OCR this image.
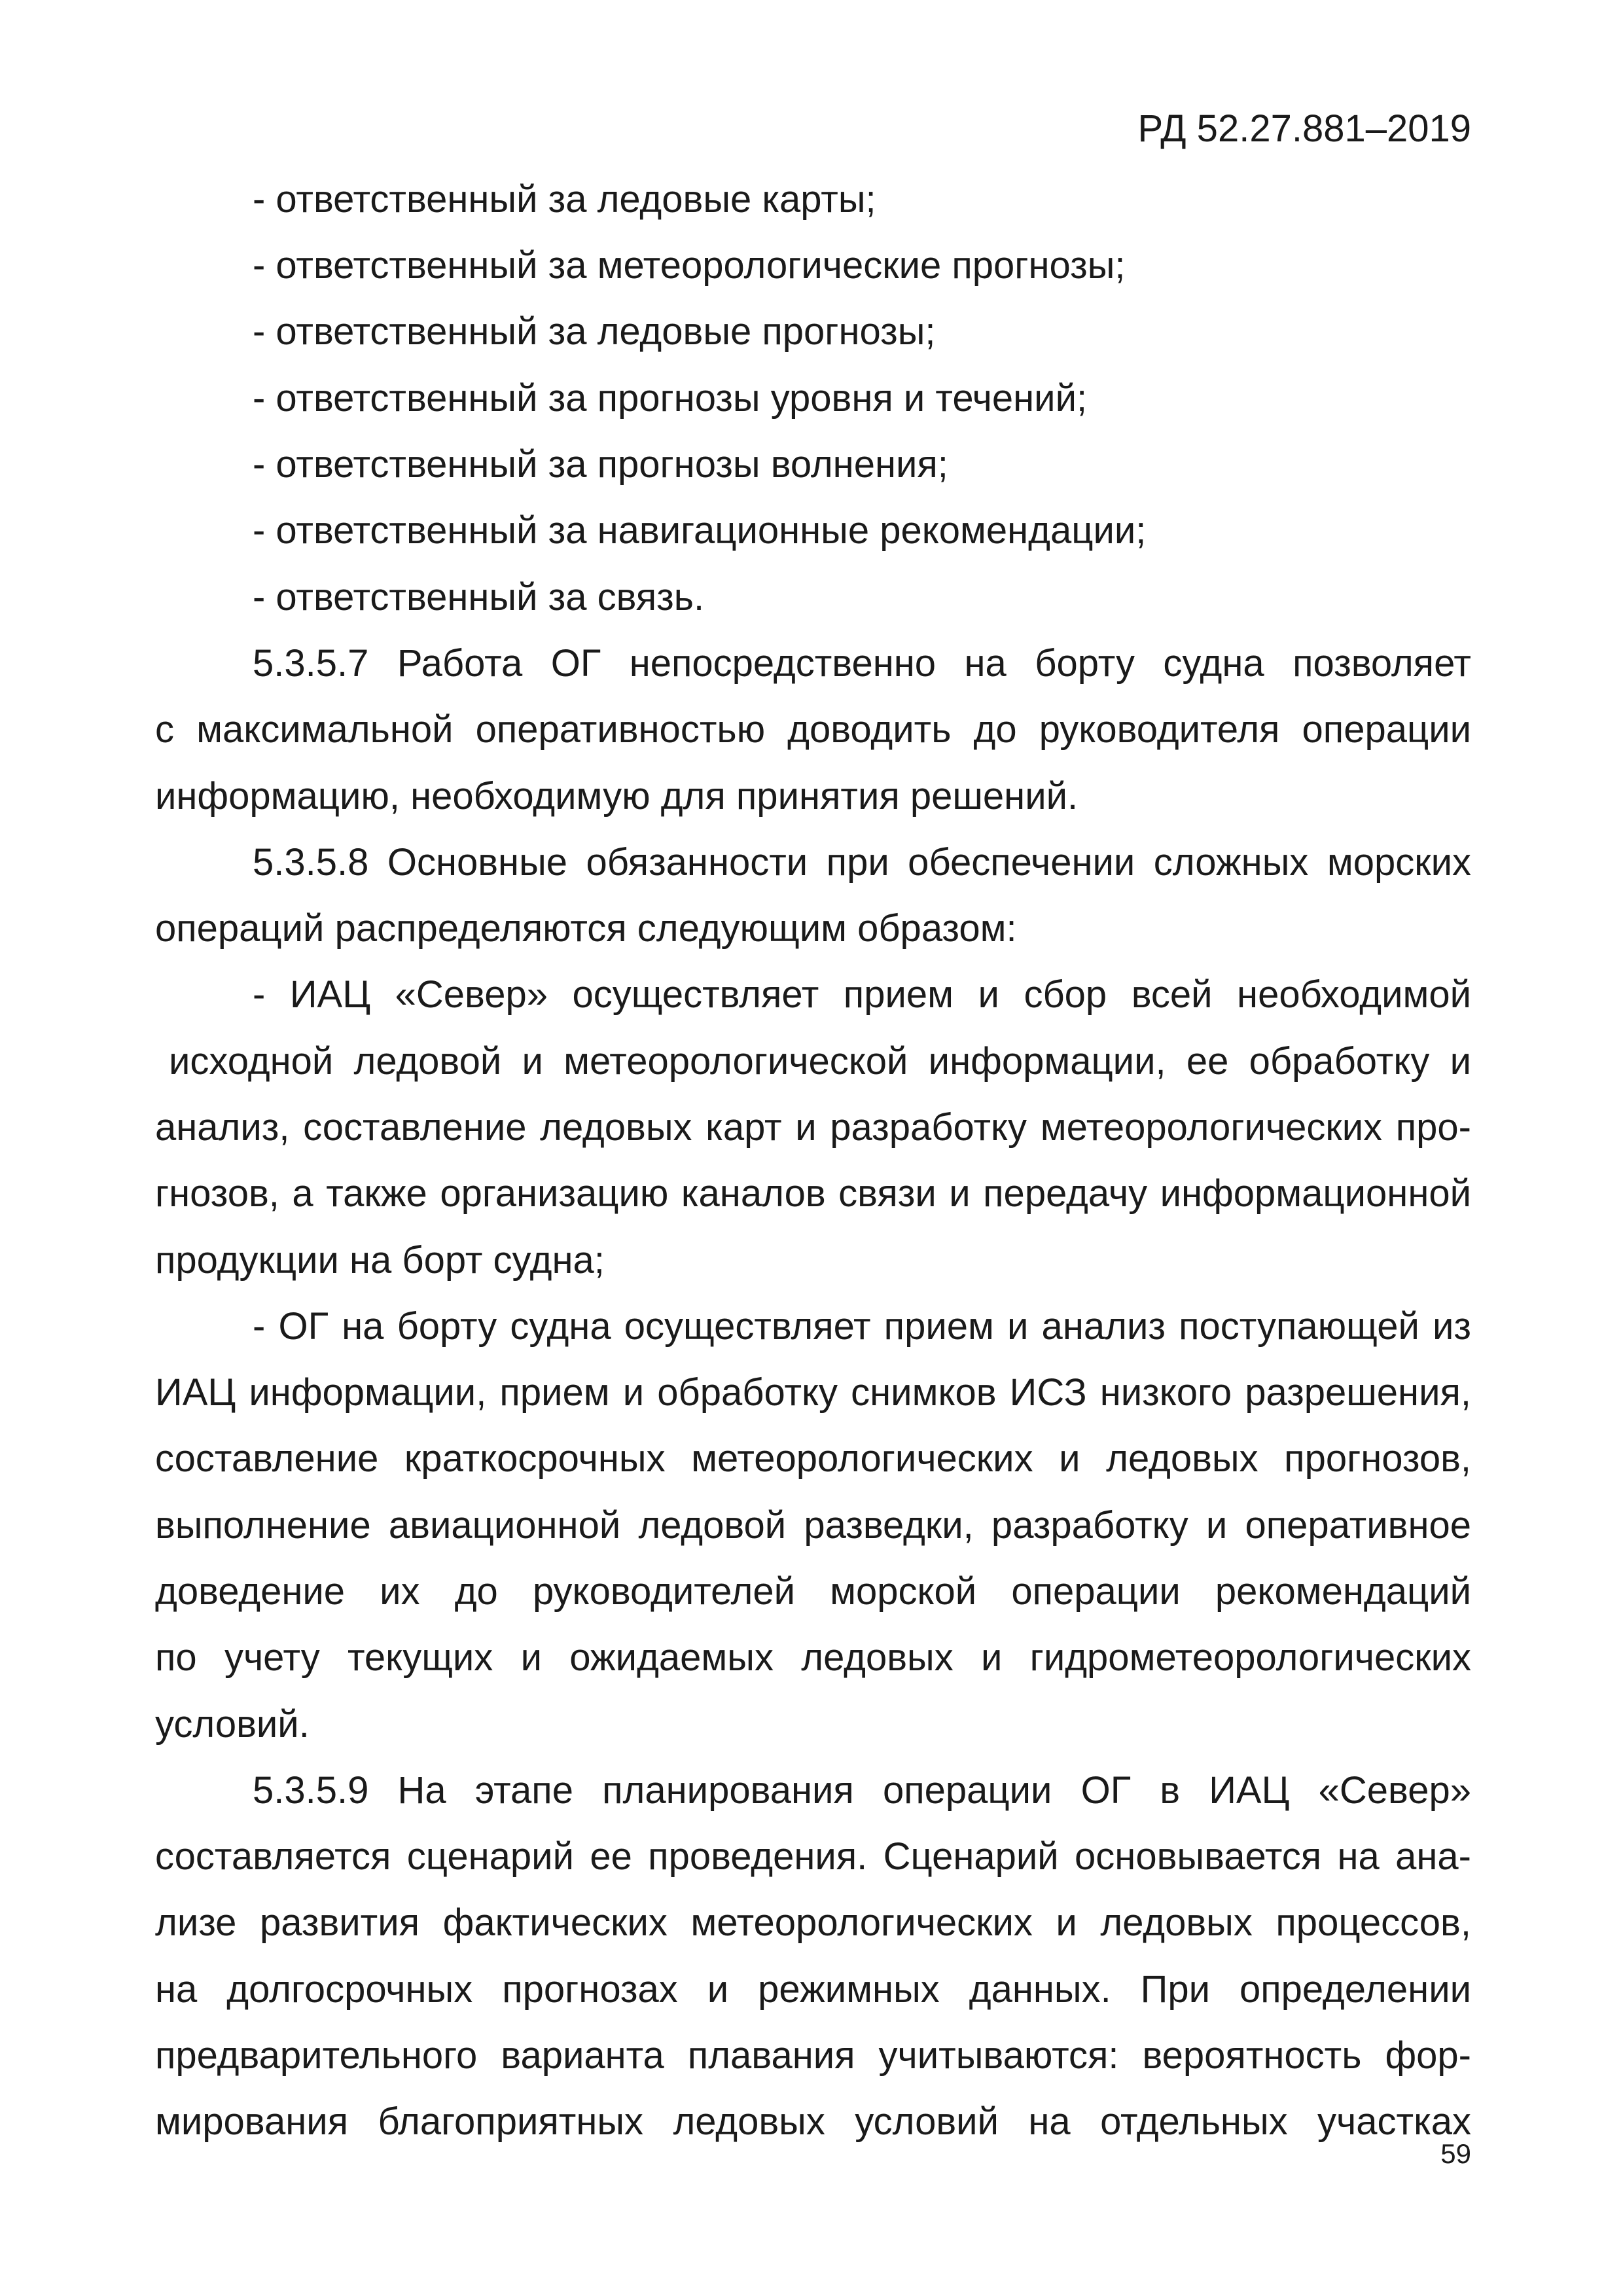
РД 52.27.881–2019
- ответственный за ледовые карты;
- ответственный за метеорологические прогнозы;
- ответственный за ледовые прогнозы;
- ответственный за прогнозы уровня и течений;
- ответственный за прогнозы волнения;
- ответственный за навигационные рекомендации;
- ответственный за связь.
5.3.5.7 Работа ОГ непосредственно на борту судна позволяет
с максимальной оперативностью доводить до руководителя операции
информацию, необходимую для принятия решений.
5.3.5.8 Основные обязанности при обеспечении сложных морских
операций распределяются следующим образом:
- ИАЦ «Север» осуществляет прием и сбор всей необходимой
исходной ледовой и метеорологической информации, ее обработку и
анализ, составление ледовых карт и разработку метеорологических про-
гнозов, а также организацию каналов связи и передачу информационной
продукции на борт судна;
- ОГ на борту судна осуществляет прием и анализ поступающей из
ИАЦ информации, прием и обработку снимков ИСЗ низкого разрешения,
составление краткосрочных метеорологических и ледовых прогнозов,
выполнение авиационной ледовой разведки, разработку и оперативное
доведение их до руководителей морской операции рекомендаций
по учету текущих и ожидаемых ледовых и гидрометеорологических
условий.
5.3.5.9 На этапе планирования операции ОГ в ИАЦ «Север»
составляется сценарий ее проведения. Сценарий основывается на ана-
лизе развития фактических метеорологических и ледовых процессов,
на долгосрочных прогнозах и режимных данных. При определении
предварительного варианта плавания учитываются: вероятность фор-
мирования благоприятных ледовых условий на отдельных участках
59
